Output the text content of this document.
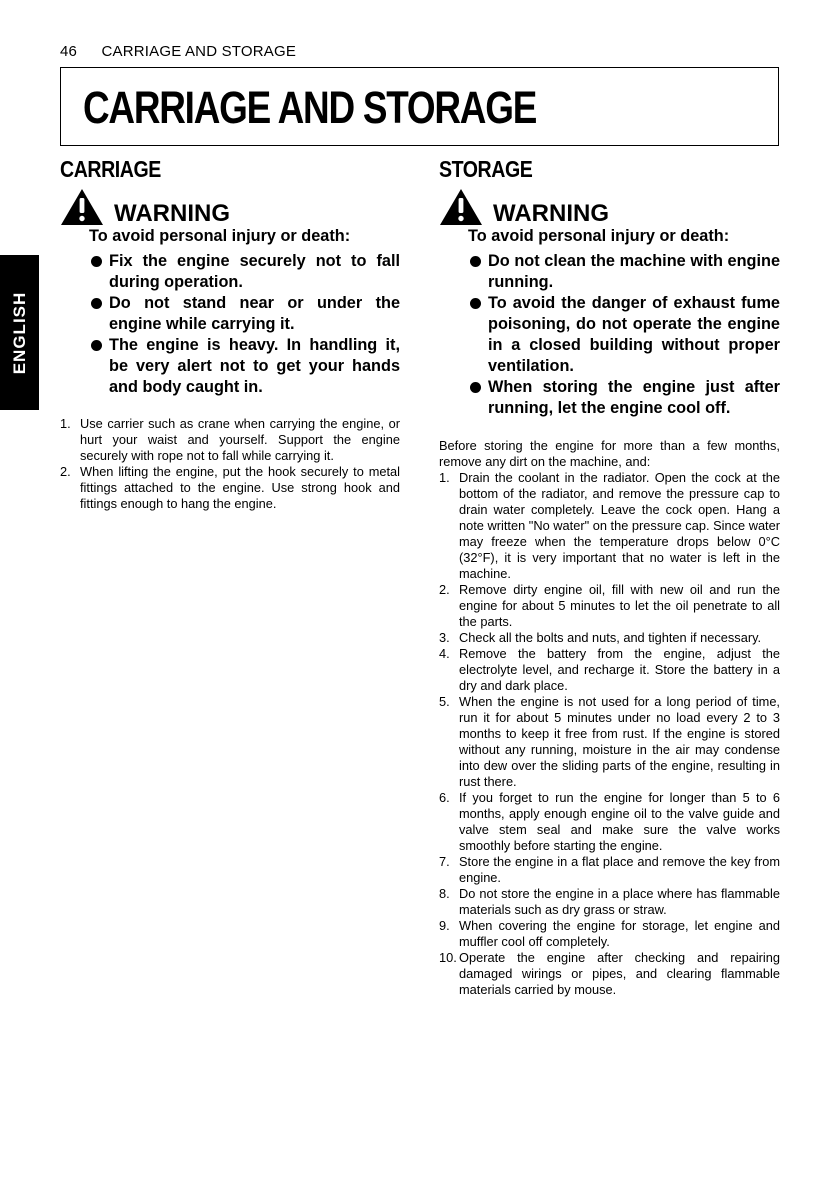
46 CARRIAGE AND STORAGE
CARRIAGE AND STORAGE
ENGLISH
CARRIAGE
WARNING

To avoid personal injury or death:

Fix the engine securely not to fall during operation.
Do not stand near or under the engine while carrying it.
The engine is heavy. In handling it, be very alert not to get your hands and body caught in.
1. Use carrier such as crane when carrying the engine, or hurt your waist and yourself. Support the engine securely with rope not to fall while carrying it.
2. When lifting the engine, put the hook securely to metal fittings attached to the engine. Use strong hook and fittings enough to hang the engine.
STORAGE
WARNING

To avoid personal injury or death:

Do not clean the machine with engine running.
To avoid the danger of exhaust fume poisoning, do not operate the engine in a closed building without proper ventilation.
When storing the engine just after running, let the engine cool off.

Before storing the engine for more than a few months, remove any dirt on the machine, and:

1. Drain the coolant in the radiator. Open the cock at the bottom of the radiator, and remove the pressure cap to drain water completely. Leave the cock open. Hang a note written "No water" on the pressure cap. Since water may freeze when the temperature drops below 0°C (32°F), it is very important that no water is left in the machine.
2. Remove dirty engine oil, fill with new oil and run the engine for about 5 minutes to let the oil penetrate to all the parts.
3. Check all the bolts and nuts, and tighten if necessary.
4. Remove the battery from the engine, adjust the electrolyte level, and recharge it. Store the battery in a dry and dark place.
5. When the engine is not used for a long period of time, run it for about 5 minutes under no load every 2 to 3 months to keep it free from rust. If the engine is stored without any running, moisture in the air may condense into dew over the sliding parts of the engine, resulting in rust there.
6. If you forget to run the engine for longer than 5 to 6 months, apply enough engine oil to the valve guide and valve stem seal and make sure the valve works smoothly before starting the engine.
7. Store the engine in a flat place and remove the key from engine.
8. Do not store the engine in a place where has flammable materials such as dry grass or straw.
9. When covering the engine for storage, let engine and muffler cool off completely.
10. Operate the engine after checking and repairing damaged wirings or pipes, and clearing flammable materials carried by mouse.
